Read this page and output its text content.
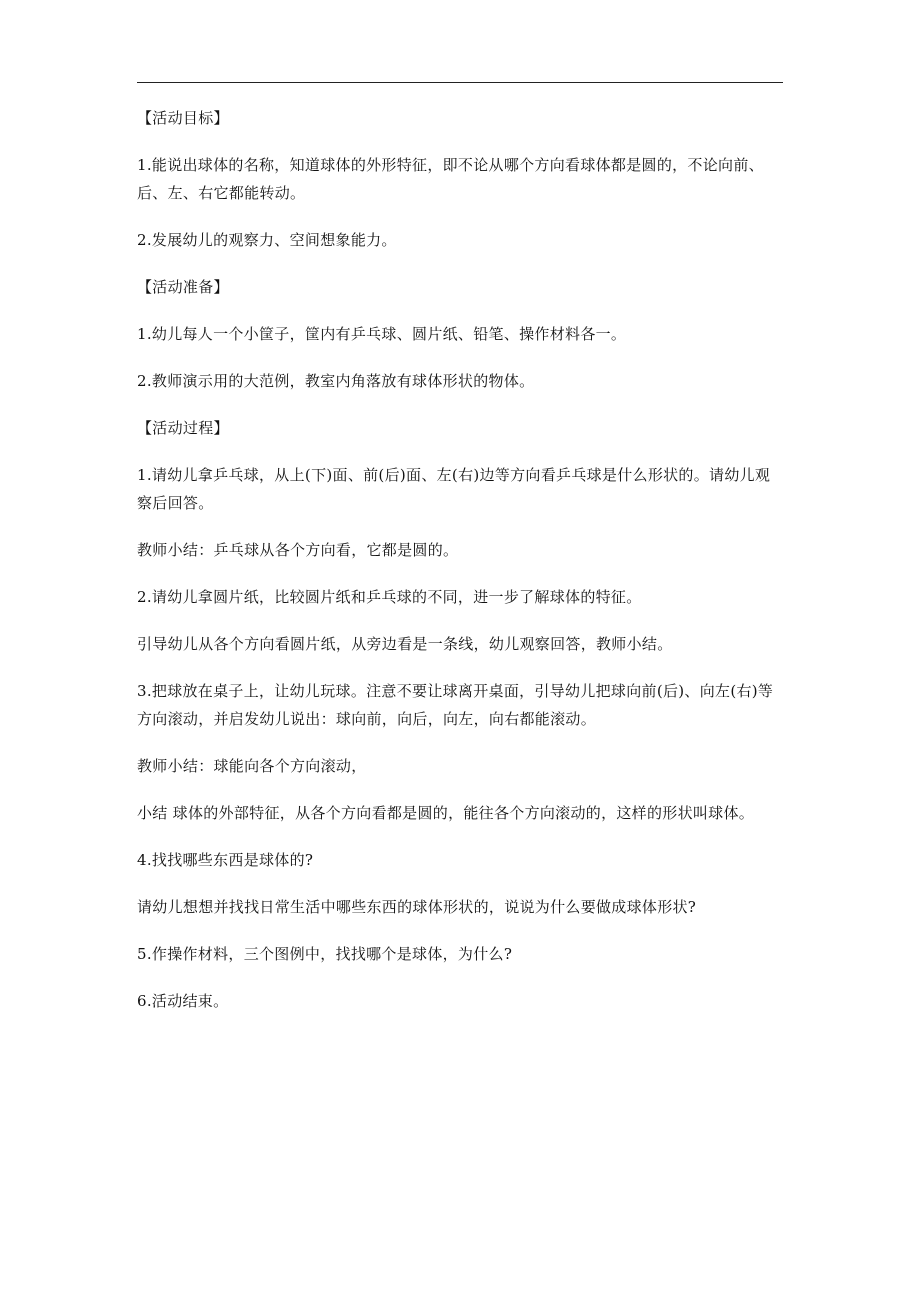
【活动目标】

1.能说出球体的名称，知道球体的外形特征，即不论从哪个方向看球体都是圆的，不论向前、后、左、右它都能转动。

2.发展幼儿的观察力、空间想象能力。

【活动准备】

1.幼儿每人一个小筐子，筐内有乒乓球、圆片纸、铅笔、操作材料各一。

2.教师演示用的大范例，教室内角落放有球体形状的物体。

【活动过程】

1.请幼儿拿乒乓球，从上(下)面、前(后)面、左(右)边等方向看乒乓球是什么形状的。请幼儿观察后回答。

教师小结：乒乓球从各个方向看，它都是圆的。

2.请幼儿拿圆片纸，比较圆片纸和乒乓球的不同，进一步了解球体的特征。

引导幼儿从各个方向看圆片纸，从旁边看是一条线，幼儿观察回答，教师小结。

3.把球放在桌子上，让幼儿玩球。注意不要让球离开桌面，引导幼儿把球向前(后)、向左(右)等方向滚动，并启发幼儿说出：球向前，向后，向左，向右都能滚动。

教师小结：球能向各个方向滚动，

小结 球体的外部特征，从各个方向看都是圆的，能往各个方向滚动的，这样的形状叫球体。

4.找找哪些东西是球体的?

请幼儿想想并找找日常生活中哪些东西的球体形状的，说说为什么要做成球体形状?

5.作操作材料，三个图例中，找找哪个是球体，为什么?

6.活动结束。
